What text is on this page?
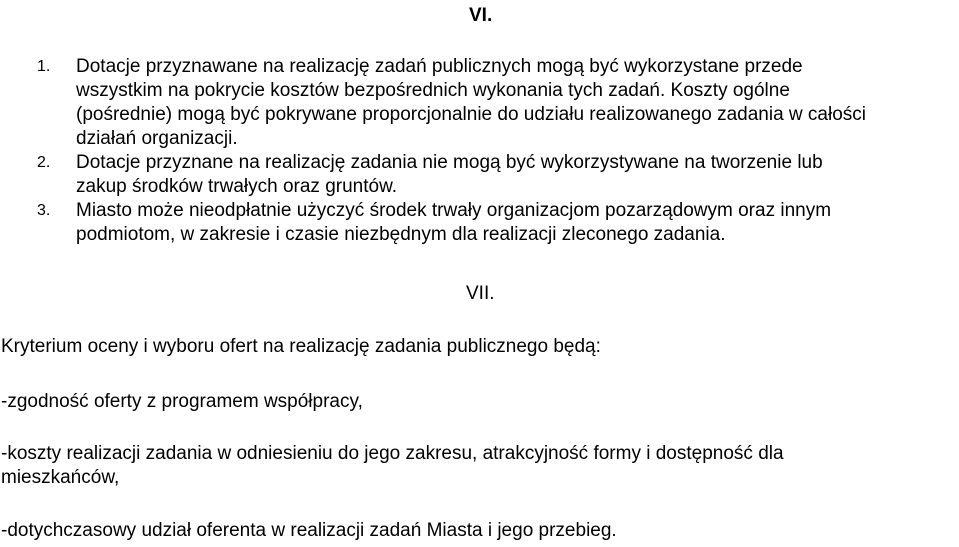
VI.
1. Dotacje przyznawane na realizację zadań publicznych mogą być wykorzystane przede
wszystkim na pokrycie kosztów bezpośrednich wykonania tych zadań. Koszty ogólne
(pośrednie) mogą być pokrywane proporcjonalnie do udziału realizowanego zadania w całości
działań organizacji.
2. Dotacje przyznane na realizację zadania nie mogą być wykorzystywane na tworzenie lub
zakup środków trwałych oraz gruntów.
3. Miasto może nieodpłatnie użyczyć środek trwały organizacjom pozarządowym oraz innym
podmiotom, w zakresie i czasie niezbędnym dla realizacji zleconego zadania.
VII.
Kryterium oceny i wyboru ofert na realizację zadania publicznego będą:
-zgodność oferty z programem współpracy,
-koszty realizacji zadania w odniesieniu do jego zakresu, atrakcyjność formy i dostępność dla
mieszkańców,
-dotychczasowy udział oferenta w realizacji zadań Miasta i jego przebieg.
